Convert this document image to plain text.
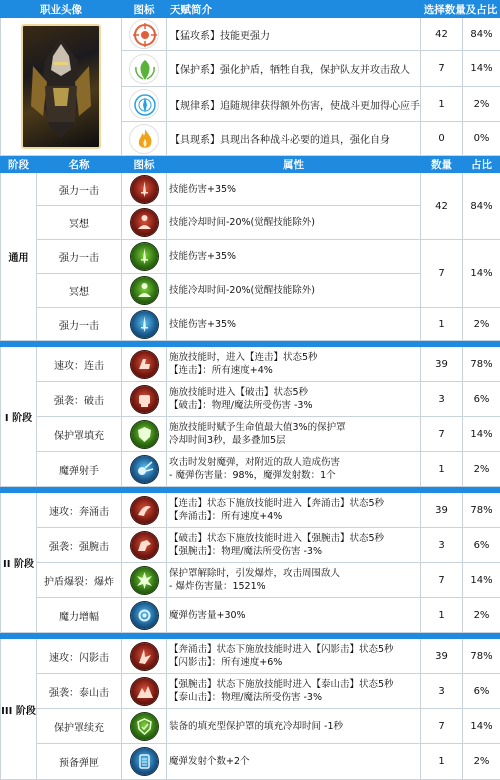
职业头像		图标	天赋简介	选择数量及占比	

	【猛攻系】技能更强力	42	84%

	【保护系】强化护盾，牺牲自我，保护队友并攻击敌人	7	14%

	【规律系】追随规律获得额外伤害，使战斗更加得心应手	1	2%

	【具现系】具现出各种战斗必要的道具，强化自身	0	0%
阶段	名称	图标	属性	数量	占比
通用	强力一击		技能伤害+35%	42	84%
	冥想		技能冷却时间-20%(觉醒技能除外)		
	强力一击		技能伤害+35%	7	14%
	冥想		技能冷却时间-20%(觉醒技能除外)		
	强力一击		技能伤害+35%	1	2%

I 阶段	速攻：连击		施放技能时，进入【连击】状态5秒
【连击】：所有速度+4%	39	78%
	强袭：破击		施放技能时进入【破击】状态5秒
【破击】：物理/魔法所受伤害 -3%	3	6%
	保护罩填充		施放技能时赋予生命值最大值3%的保护罩
冷却时间3秒，最多叠加5层	7	14%
	魔弹射手		攻击时发射魔弹，对附近的敌人造成伤害
- 魔弹伤害量：98%，魔弹发射数：1个	1	2%

II 阶段	速攻：奔涌击		【连击】状态下施放技能时进入【奔涌击】状态5秒
【奔涌击】：所有速度+4%	39	78%
	强袭：强腕击		【破击】状态下施放技能时进入【强腕击】状态5秒
【强腕击】：物理/魔法所受伤害 -3%	3	6%
	护盾爆裂：爆炸		保护罩解除时，引发爆炸，攻击周围敌人
- 爆炸伤害量：1521%	7	14%
	魔力增幅		魔弹伤害量+30%	1	2%

III 阶段	速攻：闪影击		【奔涌击】状态下施放技能时进入【闪影击】状态5秒
【闪影击】：所有速度+6%	39	78%
	强袭：泰山击		【强腕击】状态下施放技能时进入【泰山击】状态5秒
【泰山击】：物理/魔法所受伤害 -3%	3	6%
	保护罩续充		装备的填充型保护罩的填充冷却时间 -1秒	7	14%
	预备弹匣		魔弹发射个数+2个	1	2%
